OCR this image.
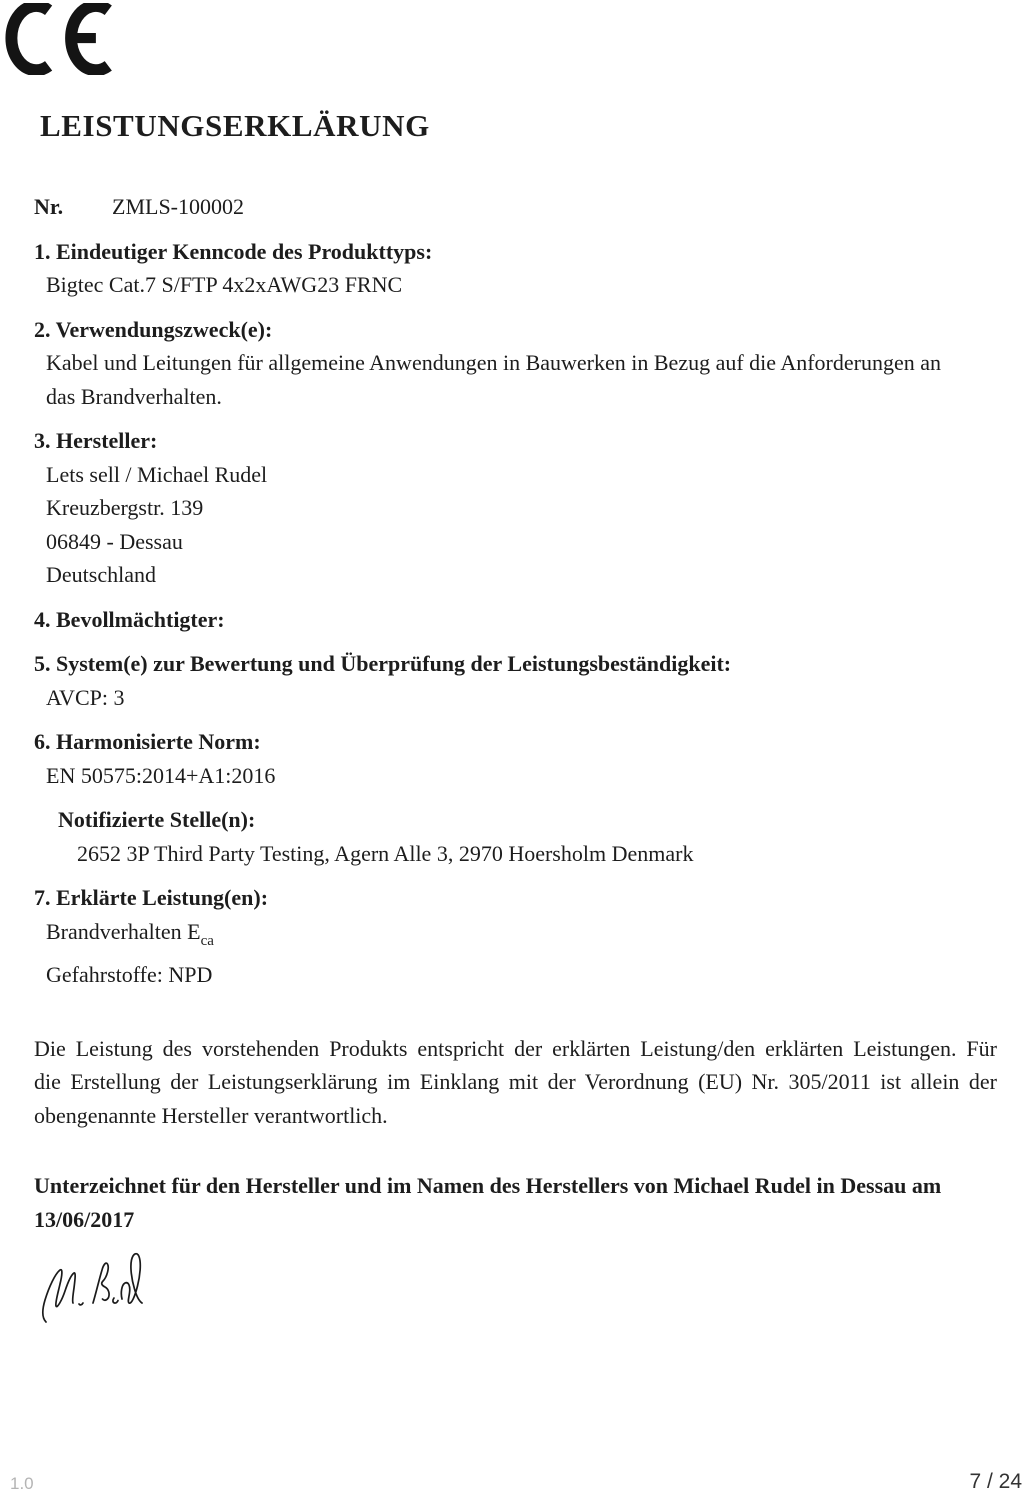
LEISTUNGSERKLÄRUNG
Nr. ZMLS-100002
1. Eindeutiger Kenncode des Produkttyps:
Bigtec Cat.7 S/FTP 4x2xAWG23 FRNC
2. Verwendungszweck(e):
Kabel und Leitungen für allgemeine Anwendungen in Bauwerken in Bezug auf die Anforderungen an
das Brandverhalten.
3. Hersteller:
Lets sell / Michael Rudel
Kreuzbergstr. 139
06849 - Dessau
Deutschland
4. Bevollmächtigter:
5. System(e) zur Bewertung und Überprüfung der Leistungsbeständigkeit:
AVCP: 3
6. Harmonisierte Norm:
EN 50575:2014+A1:2016
Notifizierte Stelle(n):
2652 3P Third Party Testing, Agern Alle 3, 2970 Hoersholm Denmark
7. Erklärte Leistung(en):
Brandverhalten $E_{ca}$
Gefahrstoffe: NPD
Die Leistung des vorstehenden Produkts entspricht der erklärten Leistung/den erklärten Leistungen. Für
die Erstellung der Leistungserklärung im Einklang mit der Verordnung (EU) Nr. 305/2011 ist allein der
obengenannte Hersteller verantwortlich.
Unterzeichnet für den Hersteller und im Namen des Herstellers von Michael Rudel in Dessau am
13/06/2017
1.0	7 / 24
